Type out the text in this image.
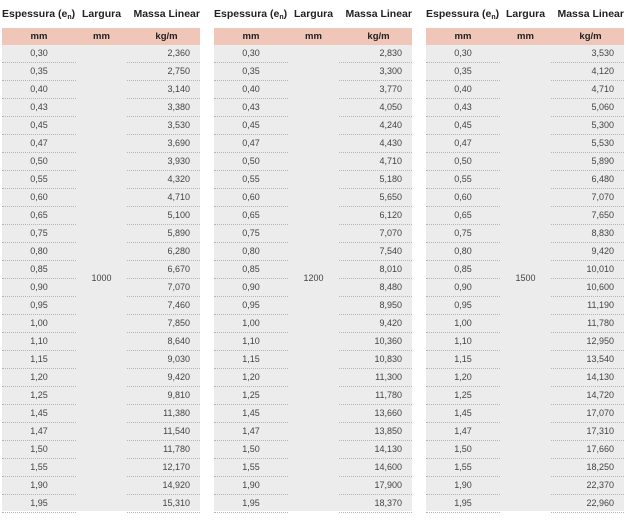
Espessura $(e_n)$ Largura	Massa Linear
mm	mm	kg/m
0,30	2,360
0,35	2,750
0,40	3,140
0,43	3,380
0,45	3,530
0,47	3,690
0,50	3,930
0,55	4,320
0,60	4,710
0,65	5,100
0,75	5,890
0,80	6,280
0,85	6,670
0,90	7,070
0,95	7,460
1,00	7,850
1,10	8,640
1,15	9,030
1,20	9,420
1,25	9,810
1,45	11,380
1,47	11,540
1,50	11,780
1,55	12,170
1,90	14,920
1,95	15,310
1000
Espessura $(e_n)$ Largura	Massa Linear
mm	mm	kg/m
0,30	2,830
0,35	3,300
0,40	3,770
0,43	4,050
0,45	4,240
0,47	4,430
0,50	4,710
0,55	5,180
0,60	5,650
0,65	6,120
0,75	7,070
0,80	7,540
0,85	8,010
0,90	8,480
0,95	8,950
1,00	9,420
1,10	10,360
1,15	10,830
1,20	11,300
1,25	11,780
1,45	13,660
1,47	13,850
1,50	14,130
1,55	14,600
1,90	17,900
1,95	18,370
1200
Espessura $(e_n)$ Largura	Massa Linear
mm	mm	kg/m
0,30	3,530
0,35	4,120
0,40	4,710
0,43	5,060
0,45	5,300
0,47	5,530
0,50	5,890
0,55	6,480
0,60	7,070
0,65	7,650
0,75	8,830
0,80	9,420
0,85	10,010
0,90	10,600
0,95	11,190
1,00	11,780
1,10	12,950
1,15	13,540
1,20	14,130
1,25	14,720
1,45	17,070
1,47	17,310
1,50	17,660
1,55	18,250
1,90	22,370
1,95	22,960
1500
